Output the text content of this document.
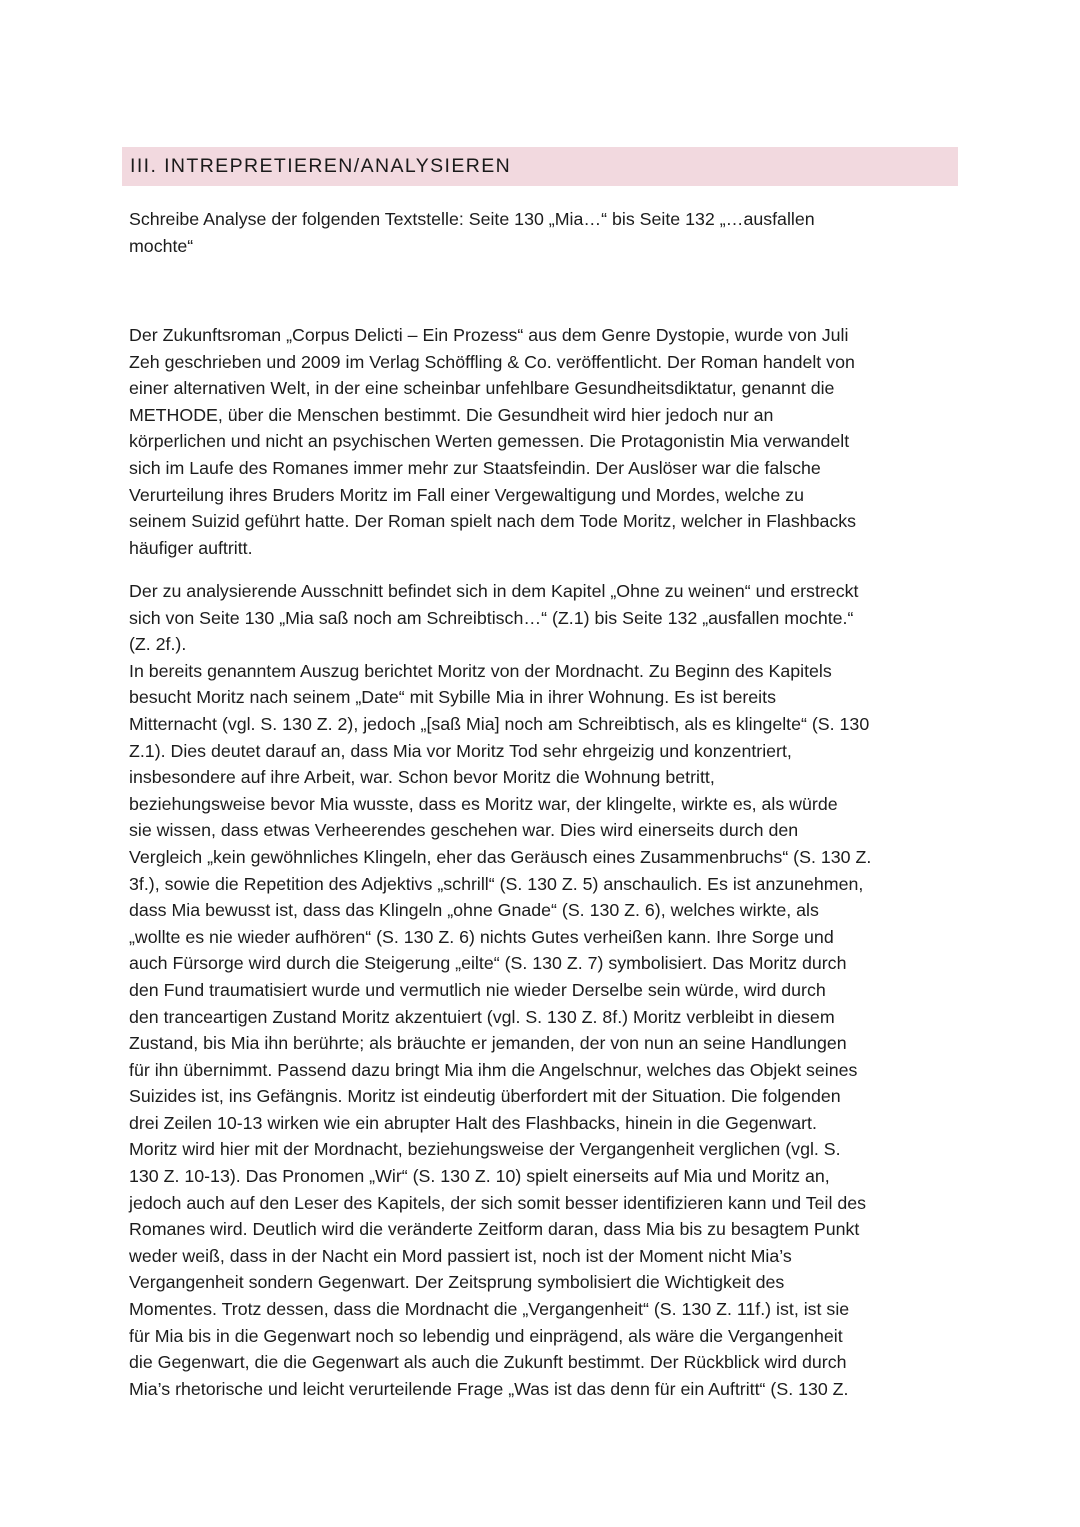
III. INTREPRETIEREN/ANALYSIEREN
Schreibe Analyse der folgenden Textstelle: Seite 130 „Mia…“ bis Seite 132 „…ausfallen
mochte“
Der Zukunftsroman „Corpus Delicti – Ein Prozess“ aus dem Genre Dystopie, wurde von Juli
Zeh geschrieben und 2009 im Verlag Schöffling & Co. veröffentlicht. Der Roman handelt von
einer alternativen Welt, in der eine scheinbar unfehlbare Gesundheitsdiktatur, genannt die
METHODE, über die Menschen bestimmt. Die Gesundheit wird hier jedoch nur an
körperlichen und nicht an psychischen Werten gemessen. Die Protagonistin Mia verwandelt
sich im Laufe des Romanes immer mehr zur Staatsfeindin. Der Auslöser war die falsche
Verurteilung ihres Bruders Moritz im Fall einer Vergewaltigung und Mordes, welche zu
seinem Suizid geführt hatte. Der Roman spielt nach dem Tode Moritz, welcher in Flashbacks
häufiger auftritt.
Der zu analysierende Ausschnitt befindet sich in dem Kapitel „Ohne zu weinen“ und erstreckt
sich von Seite 130 „Mia saß noch am Schreibtisch…“ (Z.1) bis Seite 132 „ausfallen mochte.“
(Z. 2f.).
In bereits genanntem Auszug berichtet Moritz von der Mordnacht. Zu Beginn des Kapitels
besucht Moritz nach seinem „Date“ mit Sybille Mia in ihrer Wohnung. Es ist bereits
Mitternacht (vgl. S. 130 Z. 2), jedoch „[saß Mia] noch am Schreibtisch, als es klingelte“ (S. 130
Z.1). Dies deutet darauf an, dass Mia vor Moritz Tod sehr ehrgeizig und konzentriert,
insbesondere auf ihre Arbeit, war. Schon bevor Moritz die Wohnung betritt,
beziehungsweise bevor Mia wusste, dass es Moritz war, der klingelte, wirkte es, als würde
sie wissen, dass etwas Verheerendes geschehen war. Dies wird einerseits durch den
Vergleich „kein gewöhnliches Klingeln, eher das Geräusch eines Zusammenbruchs“ (S. 130 Z.
3f.), sowie die Repetition des Adjektivs „schrill“ (S. 130 Z. 5) anschaulich. Es ist anzunehmen,
dass Mia bewusst ist, dass das Klingeln „ohne Gnade“ (S. 130 Z. 6), welches wirkte, als
„wollte es nie wieder aufhören“ (S. 130 Z. 6) nichts Gutes verheißen kann. Ihre Sorge und
auch Fürsorge wird durch die Steigerung „eilte“ (S. 130 Z. 7) symbolisiert. Das Moritz durch
den Fund traumatisiert wurde und vermutlich nie wieder Derselbe sein würde, wird durch
den tranceartigen Zustand Moritz akzentuiert (vgl. S. 130 Z. 8f.) Moritz verbleibt in diesem
Zustand, bis Mia ihn berührte; als bräuchte er jemanden, der von nun an seine Handlungen
für ihn übernimmt. Passend dazu bringt Mia ihm die Angelschnur, welches das Objekt seines
Suizides ist, ins Gefängnis. Moritz ist eindeutig überfordert mit der Situation. Die folgenden
drei Zeilen 10-13 wirken wie ein abrupter Halt des Flashbacks, hinein in die Gegenwart.
Moritz wird hier mit der Mordnacht, beziehungsweise der Vergangenheit verglichen (vgl. S.
130 Z. 10-13). Das Pronomen „Wir“ (S. 130 Z. 10) spielt einerseits auf Mia und Moritz an,
jedoch auch auf den Leser des Kapitels, der sich somit besser identifizieren kann und Teil des
Romanes wird. Deutlich wird die veränderte Zeitform daran, dass Mia bis zu besagtem Punkt
weder weiß, dass in der Nacht ein Mord passiert ist, noch ist der Moment nicht Mia’s
Vergangenheit sondern Gegenwart. Der Zeitsprung symbolisiert die Wichtigkeit des
Momentes. Trotz dessen, dass die Mordnacht die „Vergangenheit“ (S. 130 Z. 11f.) ist, ist sie
für Mia bis in die Gegenwart noch so lebendig und einprägend, als wäre die Vergangenheit
die Gegenwart, die die Gegenwart als auch die Zukunft bestimmt. Der Rückblick wird durch
Mia’s rhetorische und leicht verurteilende Frage „Was ist das denn für ein Auftritt“ (S. 130 Z.
